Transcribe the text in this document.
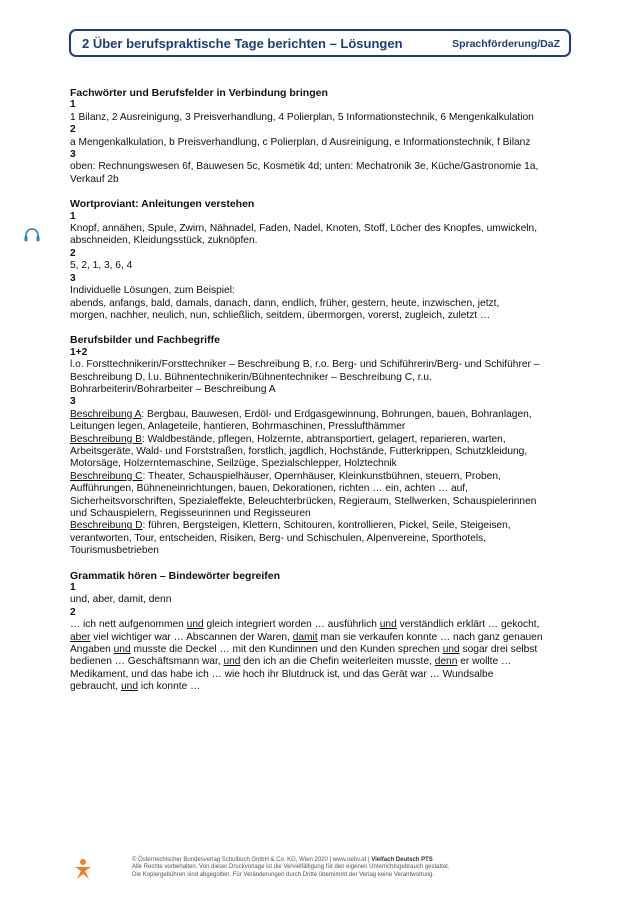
2 Über berufspraktische Tage berichten – Lösungen	Sprachförderung/DaZ
Fachwörter und Berufsfelder in Verbindung bringen
1
1 Bilanz, 2 Ausreinigung, 3 Preisverhandlung, 4 Polierplan, 5 Informationstechnik, 6 Mengenkalkulation
2
a Mengenkalkulation, b Preisverhandlung, c Polierplan, d Ausreinigung, e Informationstechnik, f Bilanz
3
oben: Rechnungswesen 6f, Bauwesen 5c, Kosmetik 4d; unten: Mechatronik 3e, Küche/Gastronomie 1a,
Verkauf 2b
Wortproviant: Anleitungen verstehen
1
Knopf, annähen, Spule, Zwirn, Nähnadel, Faden, Nadel, Knoten, Stoff, Löcher des Knopfes, umwickeln,
abschneiden, Kleidungsstück, zuknöpfen.
2
5, 2, 1, 3, 6, 4
3
Individuelle Lösungen, zum Beispiel:
abends, anfangs, bald, damals, danach, dann, endlich, früher, gestern, heute, inzwischen, jetzt,
morgen, nachher, neulich, nun, schließlich, seitdem, übermorgen, vorerst, zugleich, zuletzt …
Berufsbilder und Fachbegriffe
1+2
l.o. Forsttechnikerin/Forsttechniker – Beschreibung B, r.o. Berg- und Schiführerin/Berg- und Schiführer –
Beschreibung D, l.u. Bühnentechnikerin/Bühnentechniker – Beschreibung C, r.u.
Bohrarbeiterin/Bohrarbeiter – Beschreibung A
3
Beschreibung A: Bergbau, Bauwesen, Erdöl- und Erdgasgewinnung, Bohrungen, bauen, Bohranlagen,
Leitungen legen, Anlageteile, hantieren, Bohrmaschinen, Presslufthämmer
Beschreibung B: Waldbestände, pflegen, Holzernte, abtransportiert, gelagert, reparieren, warten,
Arbeitsgeräte, Wald- und Forststraßen, forstlich, jagdlich, Hochstände, Futterkrippen, Schutzkleidung,
Motorsäge, Holzerntemaschine, Seilzüge, Spezialschlepper, Holztechnik
Beschreibung C: Theater, Schauspielhäuser, Opernhäuser, Kleinkunstbühnen, steuern, Proben,
Aufführungen, Bühneneinrichtungen, bauen, Dekorationen, richten … ein, achten … auf,
Sicherheitsvorschriften, Spezialeffekte, Beleuchterbrücken, Regieraum, Stellwerken, Schauspielerinnen
und Schauspielern, Regisseurinnen und Regisseuren
Beschreibung D: führen, Bergsteigen, Klettern, Schitouren, kontrollieren, Pickel, Seile, Steigeisen,
verantworten, Tour, entscheiden, Risiken, Berg- und Schischulen, Alpenvereine, Sporthotels,
Tourismusbetrieben
Grammatik hören – Bindewörter begreifen
1
und, aber, damit, denn
2
… ich nett aufgenommen und gleich integriert worden … ausführlich und verständlich erklärt … gekocht,
aber viel wichtiger war … Abscannen der Waren, damit man sie verkaufen konnte … nach ganz genauen
Angaben und musste die Deckel … mit den Kundinnen und den Kunden sprechen und sogar drei selbst
bedienen … Geschäftsmann war, und den ich an die Chefin weiterleiten musste, denn er wollte …
Medikament, und das habe ich … wie hoch ihr Blutdruck ist, und das Gerät war … Wundsalbe
gebraucht, und ich konnte …
© Österreichischer Bundesverlag Schulbuch GmbH & Co. KG, Wien 2020 | www.oebv.at | Vielfach Deutsch PTS
Alle Rechte vorbehalten. Von dieser Druckvorlage ist die Vervielfältigung für den eigenen Unterrichtsgebrauch gestattet.
Die Kopiergebühren sind abgegolten. Für Veränderungen durch Dritte übernimmt der Verlag keine Verantwortung.
